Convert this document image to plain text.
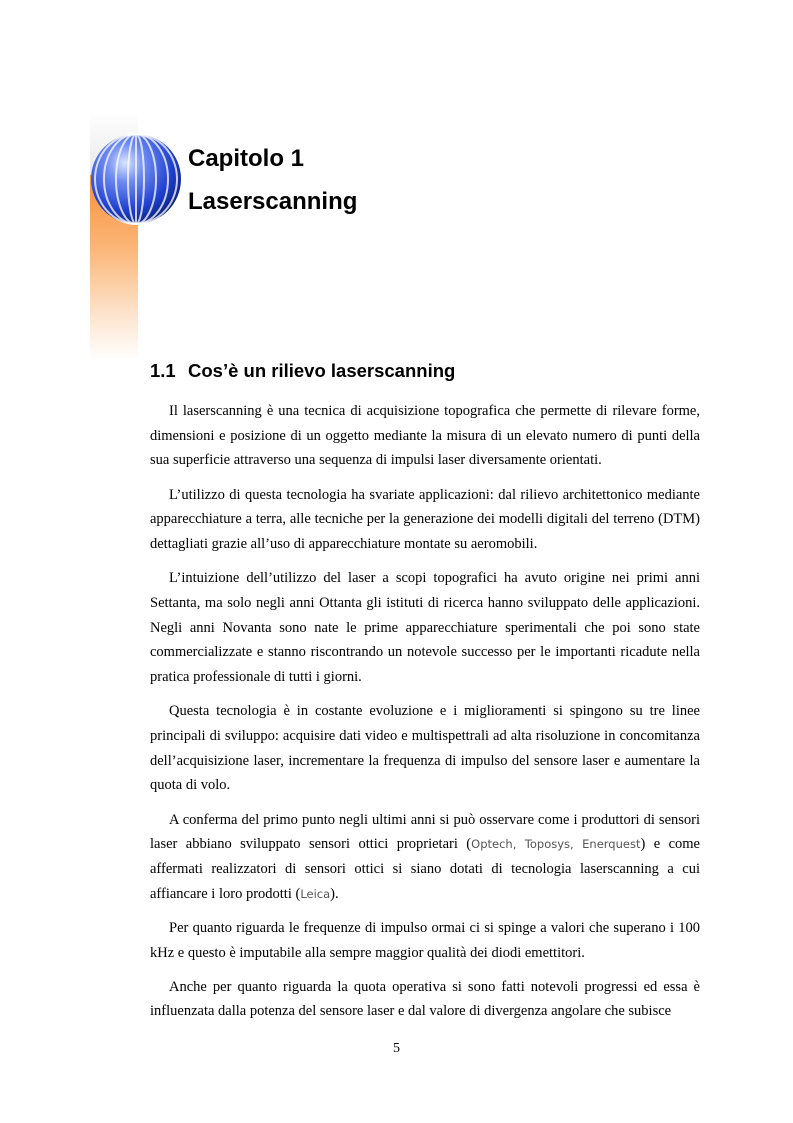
Capitolo 1
Laserscanning
1.1 Cos’è un rilievo laserscanning

Il laserscanning è una tecnica di acquisizione topografica che permette di rilevare forme, dimensioni e posizione di un oggetto mediante la misura di un elevato numero di punti della sua superficie attraverso una sequenza di impulsi laser diversamente orientati.

L’utilizzo di questa tecnologia ha svariate applicazioni: dal rilievo architettonico mediante apparecchiature a terra, alle tecniche per la generazione dei modelli digitali del terreno (DTM) dettagliati grazie all’uso di apparecchiature montate su aeromobili.

L’intuizione dell’utilizzo del laser a scopi topografici ha avuto origine nei primi anni Settanta, ma solo negli anni Ottanta gli istituti di ricerca hanno sviluppato delle applicazioni. Negli anni Novanta sono nate le prime apparecchiature sperimentali che poi sono state commercializzate e stanno riscontrando un notevole successo per le importanti ricadute nella pratica professionale di tutti i giorni.

Questa tecnologia è in costante evoluzione e i miglioramenti si spingono su tre linee principali di sviluppo: acquisire dati video e multispettrali ad alta risoluzione in concomitanza dell’acquisizione laser, incrementare la frequenza di impulso del sensore laser e aumentare la quota di volo.

A conferma del primo punto negli ultimi anni si può osservare come i produttori di sensori laser abbiano sviluppato sensori ottici proprietari (Optech, Toposys, Enerquest) e come affermati realizzatori di sensori ottici si siano dotati di tecnologia laserscanning a cui affiancare i loro prodotti (Leica).

Per quanto riguarda le frequenze di impulso ormai ci si spinge a valori che superano i 100 kHz e questo è imputabile alla sempre maggior qualità dei diodi emettitori.

Anche per quanto riguarda la quota operativa si sono fatti notevoli progressi ed essa è influenzata dalla potenza del sensore laser e dal valore di divergenza angolare che subisce

5
